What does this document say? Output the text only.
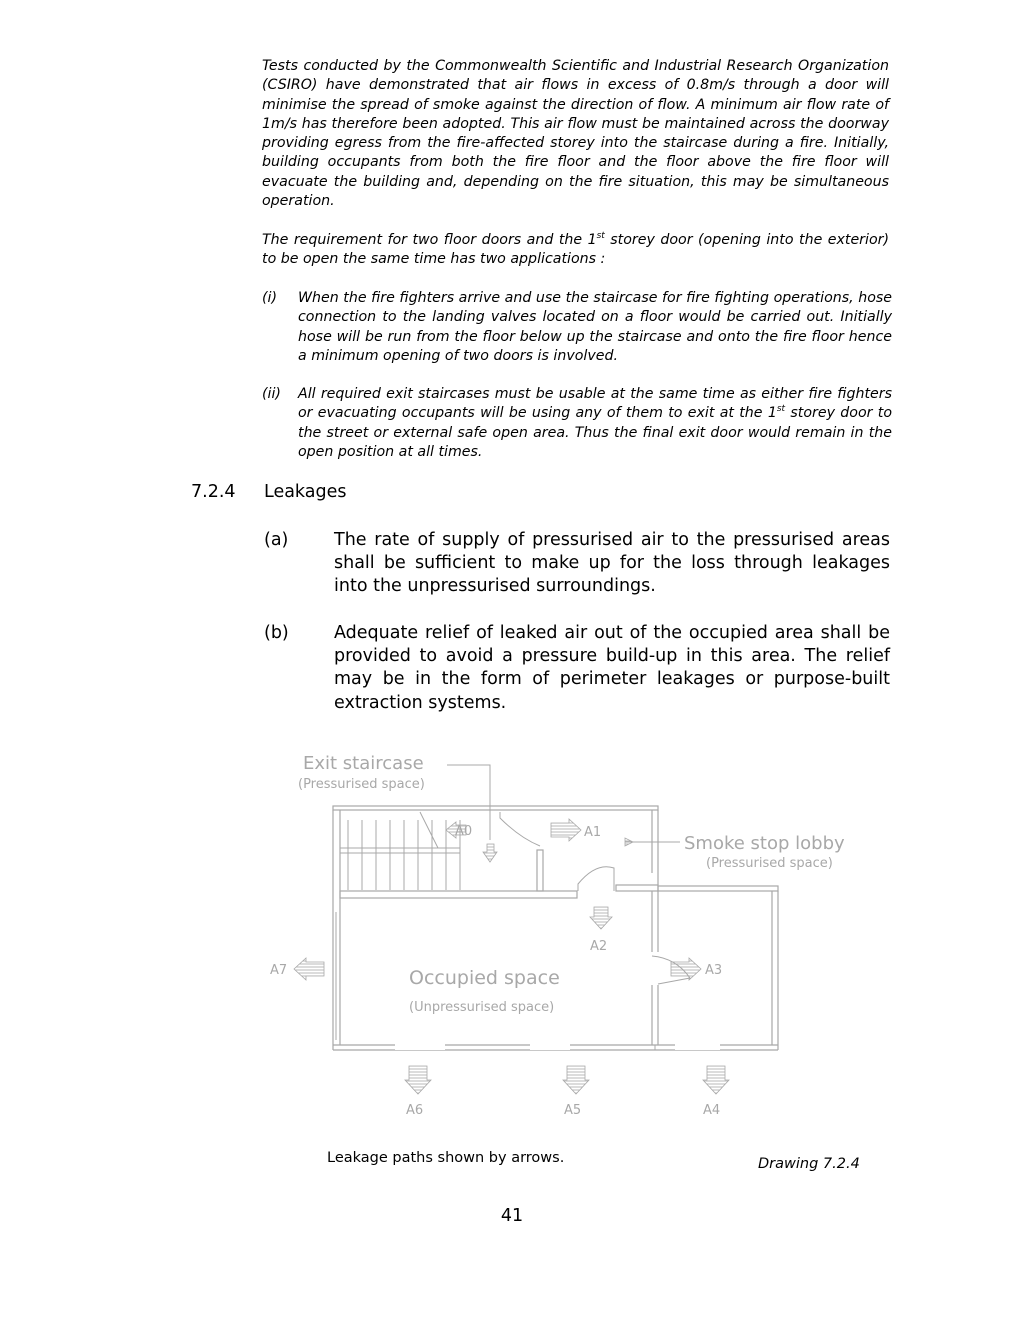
Tests conducted by the Commonwealth Scientific and Industrial Research Organization (CSIRO) have demonstrated that air flows in excess of 0.8m/s through a door will minimise the spread of smoke against the direction of flow. A minimum air flow rate of 1m/s has therefore been adopted. This air flow must be maintained across the doorway providing egress from the fire-affected storey into the staircase during a fire. Initially, building occupants from both the fire floor and the floor above the fire floor will evacuate the building and, depending on the fire situation, this may be simultaneous operation.
The requirement for two floor doors and the 1st storey door (opening into the exterior) to be open the same time has two applications :
(i) When the fire fighters arrive and use the staircase for fire fighting operations, hose connection to the landing valves located on a floor would be carried out. Initially hose will be run from the floor below up the staircase and onto the fire floor hence a minimum opening of two doors is involved.
(ii) All required exit staircases must be usable at the same time as either fire fighters or evacuating occupants will be using any of them to exit at the 1st storey door to the street or external safe open area. Thus the final exit door would remain in the open position at all times.
7.2.4 Leakages
(a)	The rate of supply of pressurised air to the pressurised areas shall be sufficient to make up for the loss through leakages into the unpressurised surroundings.
(b)	Adequate relief of leaked air out of the occupied area shall be provided to avoid a pressure build-up in this area. The relief may be in the form of perimeter leakages or purpose-built extraction systems.
Exit staircase
(Pressurised space)
Smoke stop lobby
(Pressurised space)
Occupied space
(Unpressurised space)
A0	A1
A2
A3
A7
A6	A5	A4
Leakage paths shown by arrows.	Drawing 7.2.4
41
